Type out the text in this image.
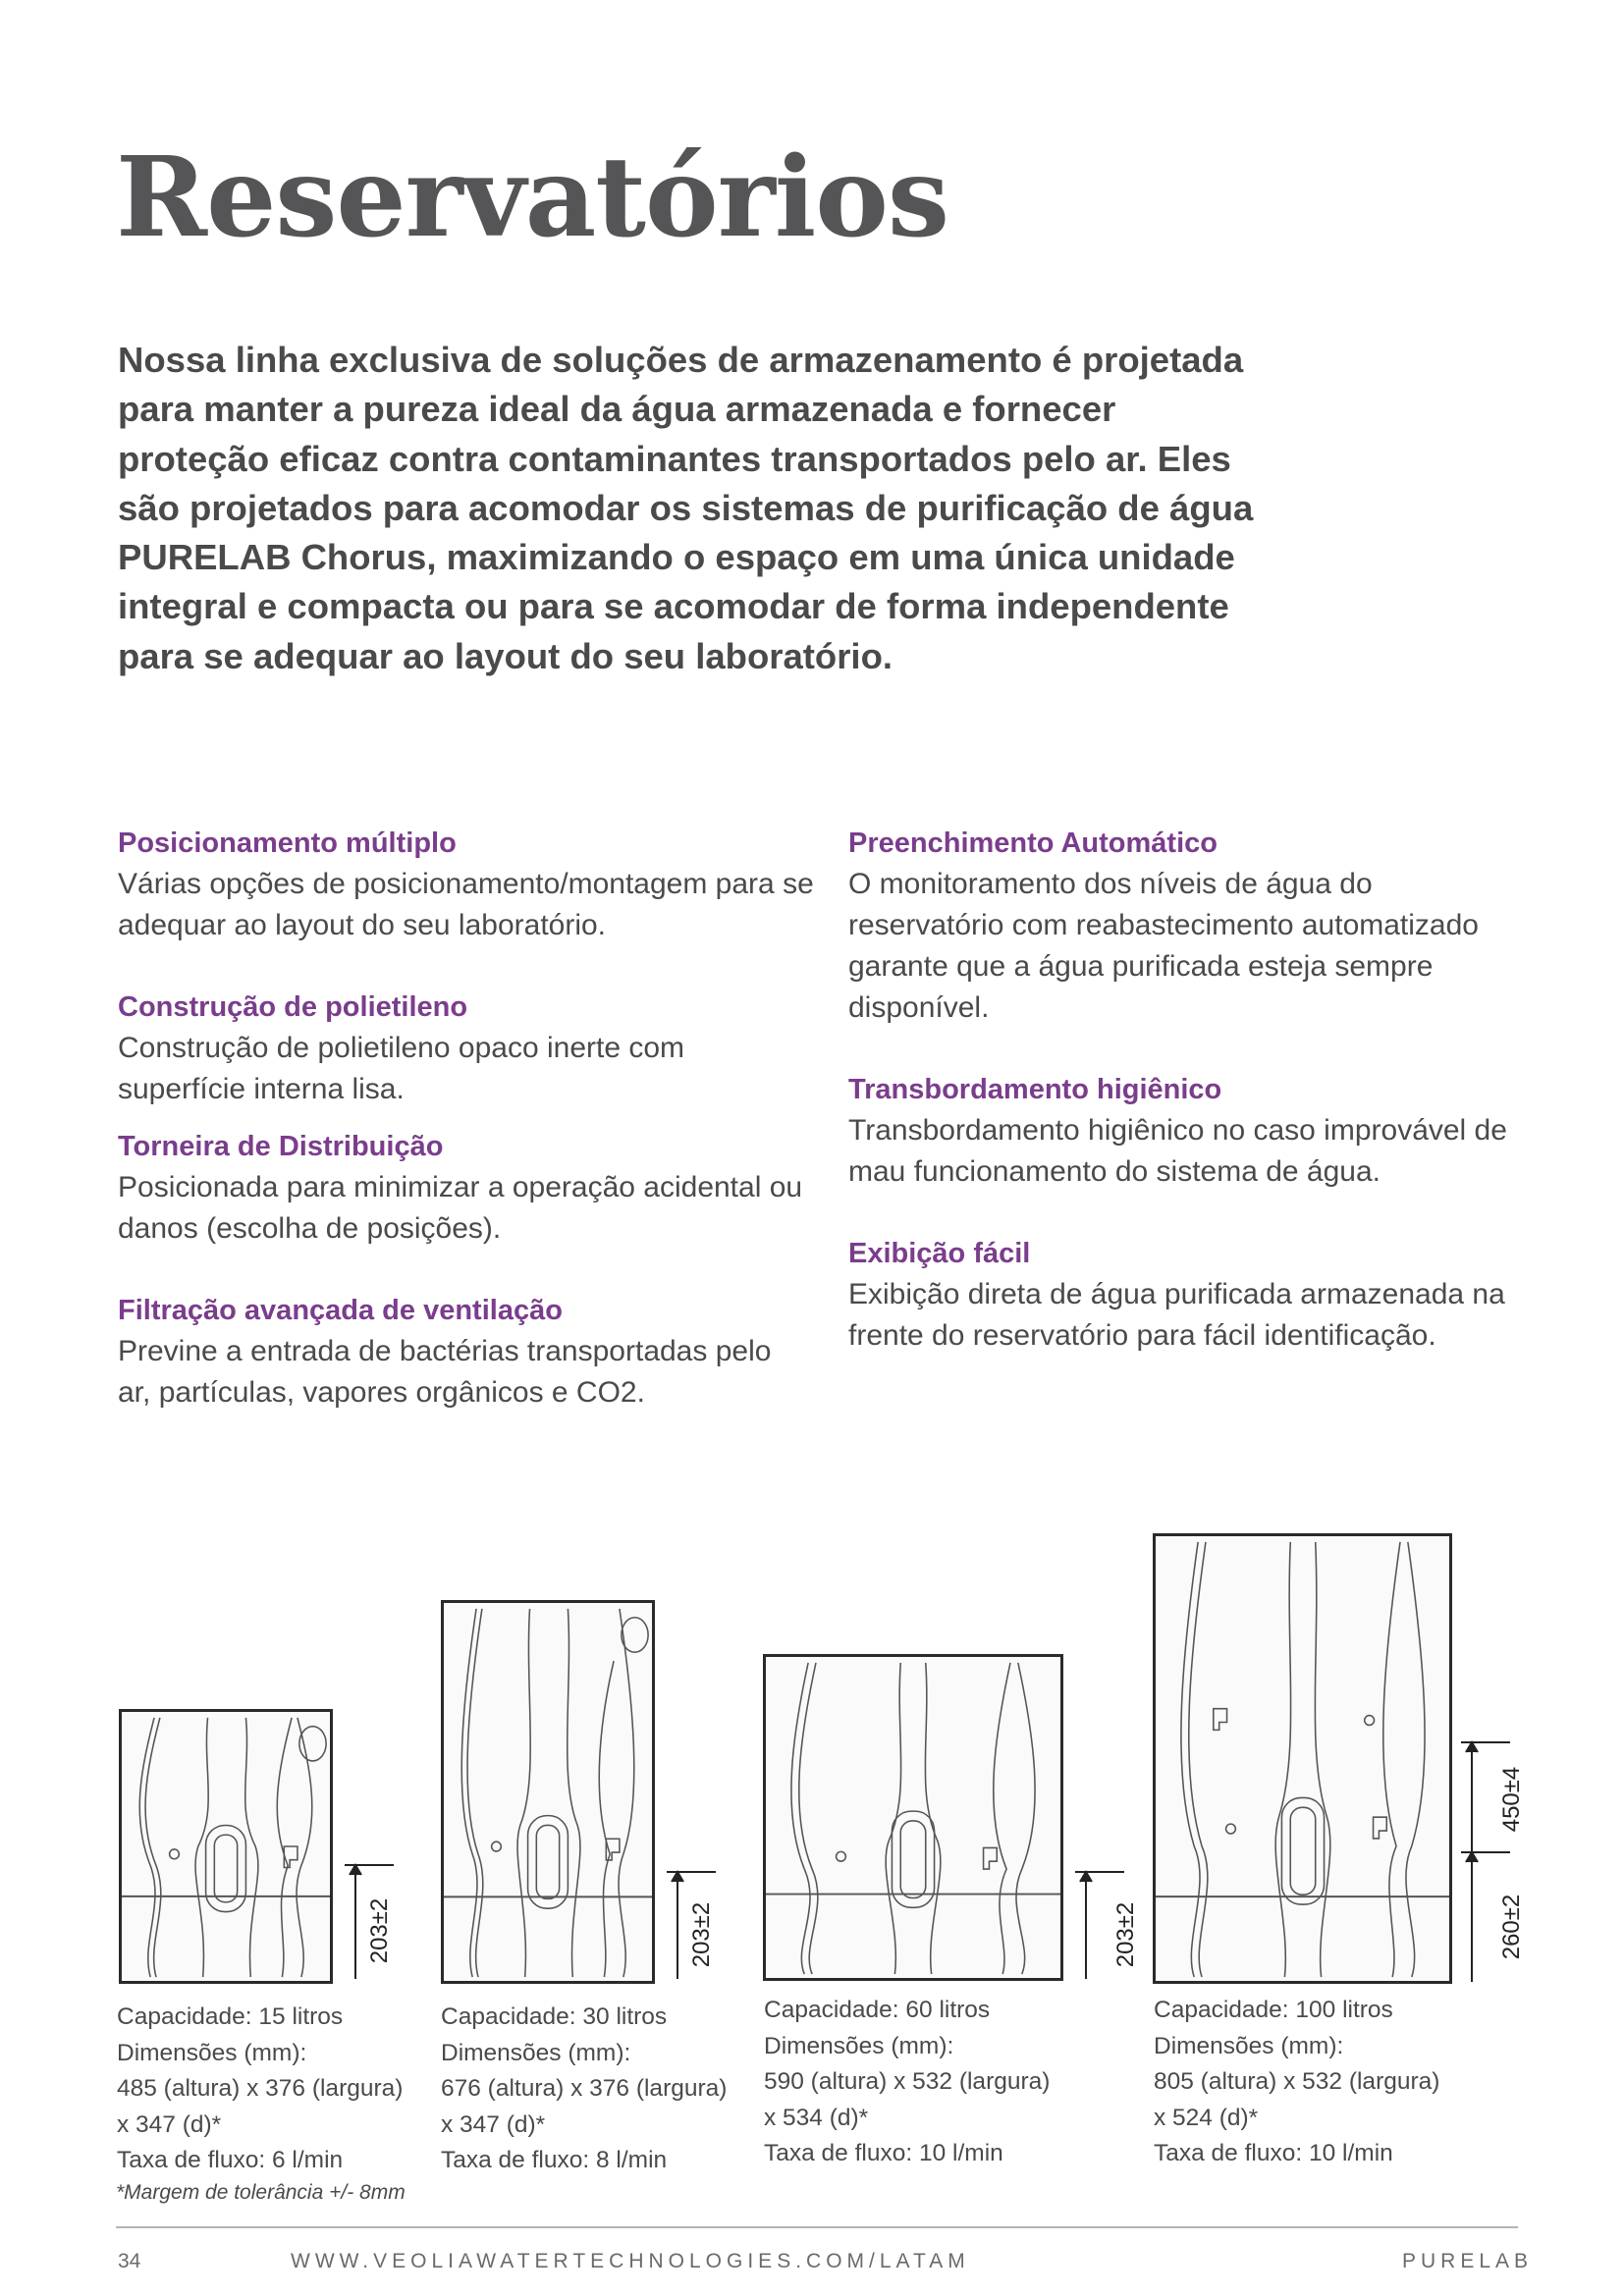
Reservatórios

Nossa linha exclusiva de soluções de armazenamento é projetada para manter a pureza ideal da água armazenada e fornecer proteção eficaz contra contaminantes transportados pelo ar. Eles são projetados para acomodar os sistemas de purificação de água PURELAB Chorus, maximizando o espaço em uma única unidade integral e compacta ou para se acomodar de forma independente para se adequar ao layout do seu laboratório.

Posicionamento múltiplo

Várias opções de posicionamento/montagem para se adequar ao layout do seu laboratório.

Construção de polietileno

Construção de polietileno opaco inerte com superfície interna lisa.

Torneira de Distribuição

Posicionada para minimizar a operação acidental ou danos (escolha de posições).

Filtração avançada de ventilação

Previne a entrada de bactérias transportadas pelo ar, partículas, vapores orgânicos e CO2.

Preenchimento Automático

O monitoramento dos níveis de água do reservatório com reabastecimento automatizado garante que a água purificada esteja sempre disponível.

Transbordamento higiênico

Transbordamento higiênico no caso improvável de mau funcionamento do sistema de água.

Exibição fácil

Exibição direta de água purificada armazenada na frente do reservatório para fácil identificação.

203±2
Capacidade: 15 litros
Dimensões (mm):
485 (altura) x 376 (largura)
x 347 (d)*
Taxa de fluxo: 6 l/min
203±2
Capacidade: 30 litros
Dimensões (mm):
676 (altura) x 376 (largura)
x 347 (d)*
Taxa de fluxo: 8 l/min
203±2
Capacidade: 60 litros
Dimensões (mm):
590 (altura) x 532 (largura)
x 534 (d)*
Taxa de fluxo: 10 l/min
450±4
260±2
Capacidade: 100 litros
Dimensões (mm):
805 (altura) x 532 (largura)
x 524 (d)*
Taxa de fluxo: 10 l/min
*Margem de tolerância +/- 8mm
34	WWW.VEOLIAWATERTECHNOLOGIES.COM/LATAM	PURELAB
